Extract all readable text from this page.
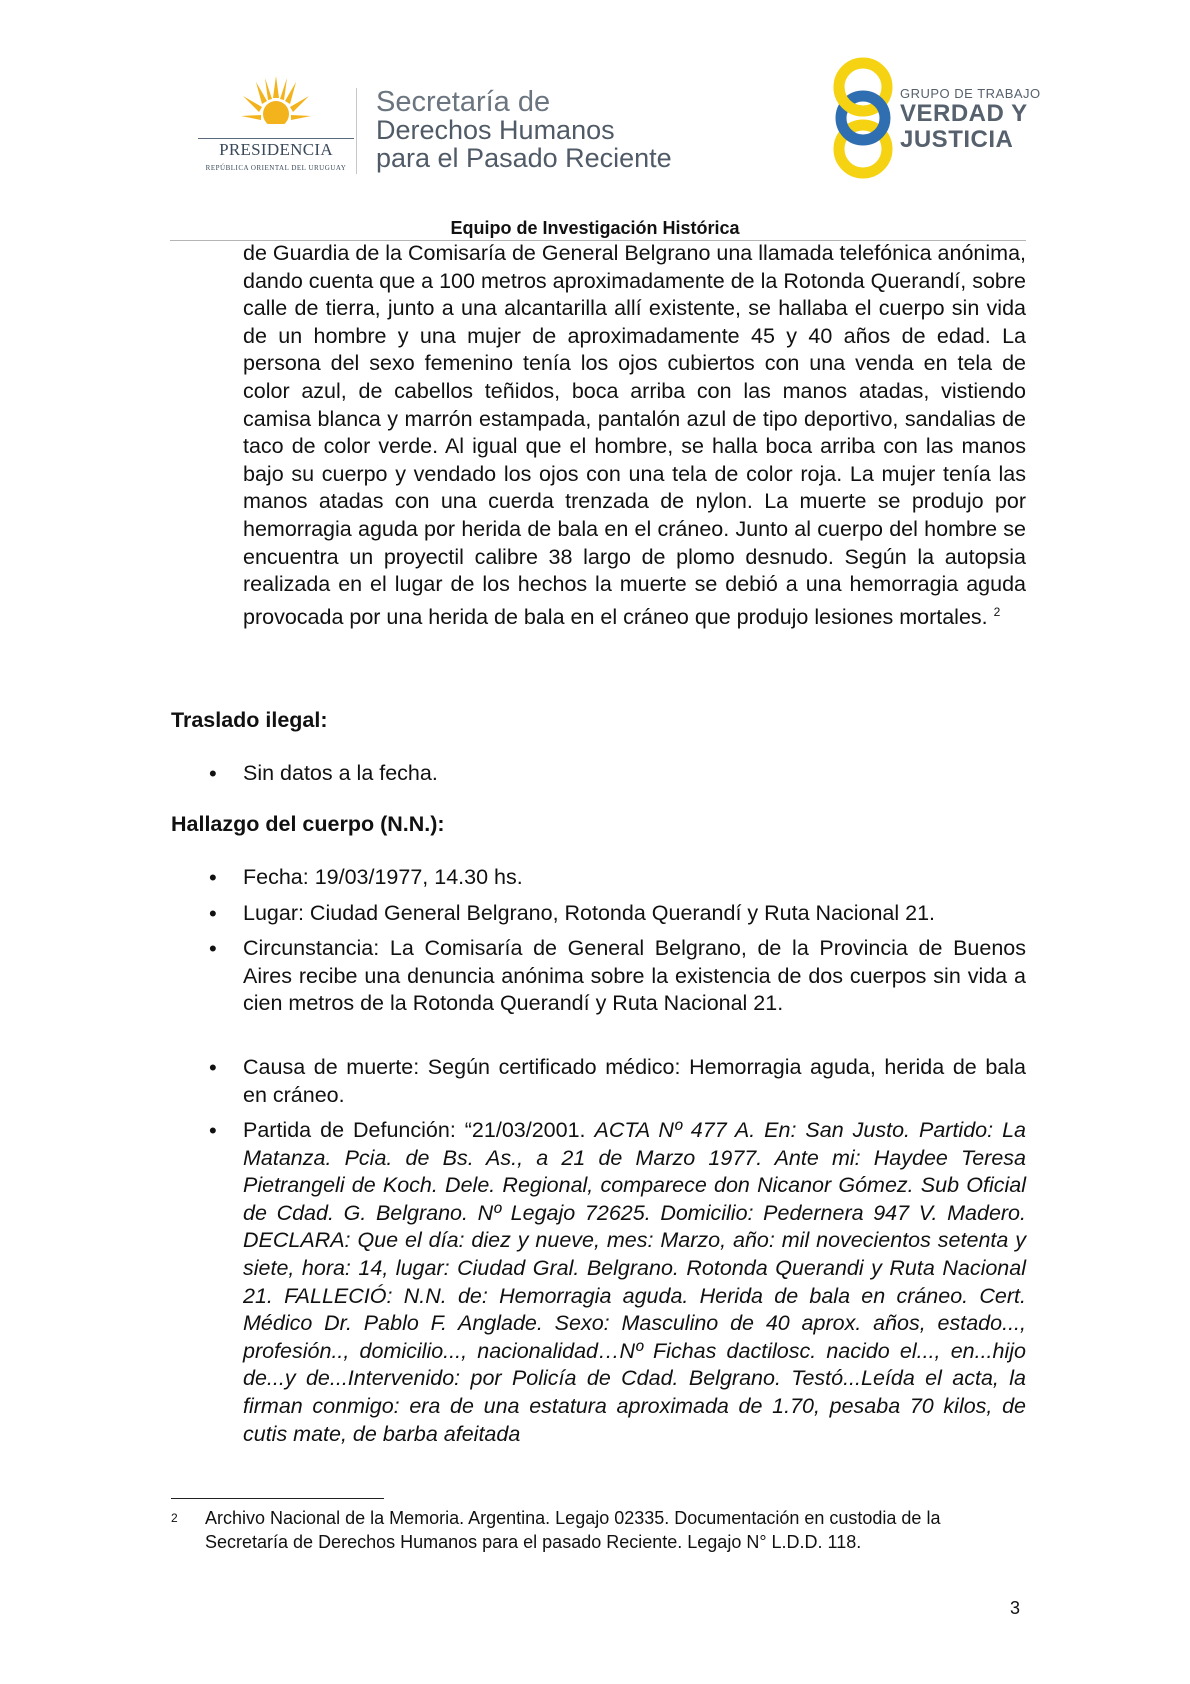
PRESIDENCIA
REPÚBLICA ORIENTAL DEL URUGUAY
Secretaría de
Derechos Humanos
para el Pasado Reciente
GRUPO DE TRABAJO
VERDAD Y
JUSTICIA
Equipo de Investigación Histórica

de Guardia de la Comisaría de General Belgrano una llamada telefónica anónima, dando cuenta que a 100 metros aproximadamente de la Rotonda Querandí, sobre calle de tierra, junto a una alcantarilla allí existente, se hallaba el cuerpo sin vida de un hombre y una mujer de aproximadamente 45 y 40 años de edad. La persona del sexo femenino tenía los ojos cubiertos con una venda en tela de color azul, de cabellos teñidos, boca arriba con las manos atadas, vistiendo camisa blanca y marrón estampada, pantalón azul de tipo deportivo, sandalias de taco de color verde. Al igual que el hombre, se halla boca arriba con las manos bajo su cuerpo y vendado los ojos con una tela de color roja. La mujer tenía las manos atadas con una cuerda trenzada de nylon. La muerte se produjo por hemorragia aguda por herida de bala en el cráneo. Junto al cuerpo del hombre se encuentra un proyectil calibre 38 largo de plomo desnudo. Según la autopsia realizada en el lugar de los hechos la muerte se debió a una hemorragia aguda provocada por una herida de bala en el cráneo que produjo lesiones mortales. $^2$

Traslado ilegal:

• Sin datos a la fecha.

Hallazgo del cuerpo (N.N.):

• Fecha: 19/03/1977, 14.30 hs.
• Lugar: Ciudad General Belgrano, Rotonda Querandí y Ruta Nacional 21.
• Circunstancia: La Comisaría de General Belgrano, de la Provincia de Buenos Aires recibe una denuncia anónima sobre la existencia de dos cuerpos sin vida a cien metros de la Rotonda Querandí y Ruta Nacional 21.
• Causa de muerte: Según certificado médico: Hemorragia aguda, herida de bala en cráneo.
• Partida de Defunción: “21/03/2001. ACTA Nº 477 A. En: San Justo. Partido: La Matanza. Pcia. de Bs. As., a 21 de Marzo 1977. Ante mi: Haydee Teresa Pietrangeli de Koch. Dele. Regional, comparece don Nicanor Gómez. Sub Oficial de Cdad. G. Belgrano. Nº Legajo 72625. Domicilio: Pedernera 947 V. Madero. DECLARA: Que el día: diez y nueve, mes: Marzo, año: mil novecientos setenta y siete, hora: 14, lugar: Ciudad Gral. Belgrano. Rotonda Querandi y Ruta Nacional 21. FALLECIÓ: N.N. de: Hemorragia aguda. Herida de bala en cráneo. Cert. Médico Dr. Pablo F. Anglade. Sexo: Masculino de 40 aprox. años, estado..., profesión.., domicilio..., nacionalidad…Nº Fichas dactilosc. nacido el..., en...hijo de...y de...Intervenido: por Policía de Cdad. Belgrano. Testó...Leída el acta, la firman conmigo: era de una estatura aproximada de 1.70, pesaba 70 kilos, de cutis mate, de barba afeitada
2	Archivo Nacional de la Memoria. Argentina. Legajo 02335. Documentación en custodia de la Secretaría de Derechos Humanos para el pasado Reciente. Legajo N° L.D.D. 118.
3
